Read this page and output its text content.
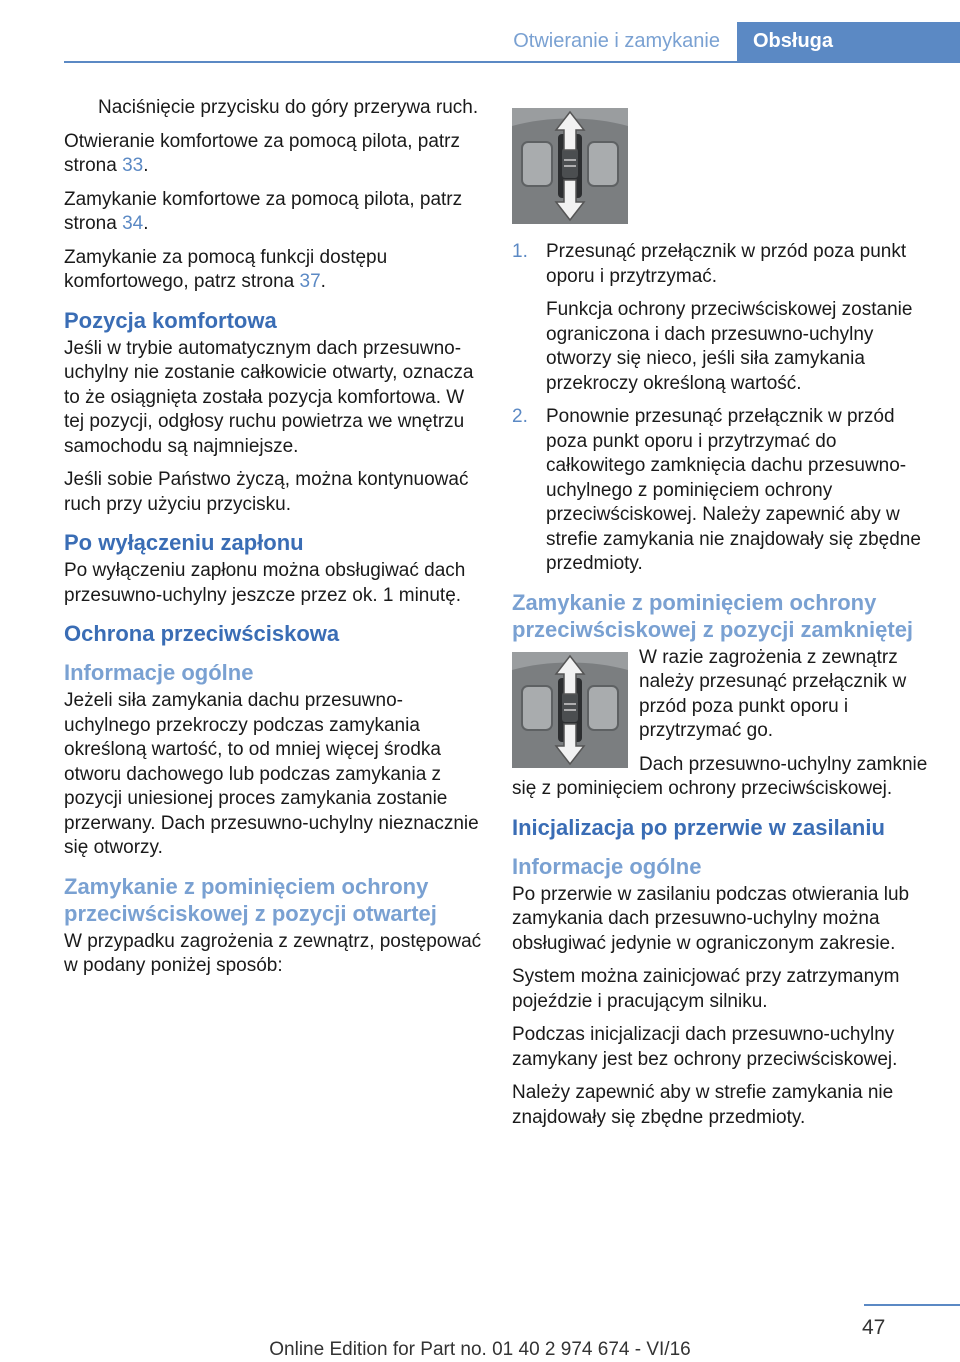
Otwieranie i zamykanie	Obsługa

Naciśnięcie przycisku do góry przerywa ruch.

Otwieranie komfortowe za pomocą pilota, patrz strona 33.

Zamykanie komfortowe za pomocą pilota, patrz strona 34.

Zamykanie za pomocą funkcji dostępu komfortowego, patrz strona 37.

Pozycja komfortowa

Jeśli w trybie automatycznym dach przesuwno-uchylny nie zostanie całkowicie otwarty, oznacza to że osiągnięta została pozycja komfortowa. W tej pozycji, odgłosy ruchu powietrza we wnętrzu samochodu są najmniejsze.

Jeśli sobie Państwo życzą, można kontynuować ruch przy użyciu przycisku.

Po wyłączeniu zapłonu

Po wyłączeniu zapłonu można obsługiwać dach przesuwno-uchylny jeszcze przez ok. 1 minutę.

Ochrona przeciwściskowa
Informacje ogólne

Jeżeli siła zamykania dachu przesuwno-uchylnego przekroczy podczas zamykania określoną wartość, to od mniej więcej środka otworu dachowego lub podczas zamykania z pozycji uniesionej proces zamykania zostanie przerwany. Dach przesuwno-uchylny nieznacznie się otworzy.

Zamykanie z pominięciem ochrony przeciwściskowej z pozycji otwartej

W przypadku zagrożenia z zewnątrz, postępować w podany poniżej sposób:

1. Przesunąć przełącznik w przód poza punkt oporu i przytrzymać.
Funkcja ochrony przeciwściskowej zostanie ograniczona i dach przesuwno-uchylny otworzy się nieco, jeśli siła zamykania przekroczy określoną wartość.
2. Ponownie przesunąć przełącznik w przód poza punkt oporu i przytrzymać do całkowitego zamknięcia dachu przesuwno-uchylnego z pominięciem ochrony przeciwściskowej. Należy zapewnić aby w strefie zamykania nie znajdowały się zbędne przedmioty.
Zamykanie z pominięciem ochrony przeciwściskowej z pozycji zamkniętej

W razie zagrożenia z zewnątrz należy przesunąć przełącznik w przód poza punkt oporu i przytrzymać go.

Dach przesuwno-uchylny zamknie się z pominięciem ochrony przeciwściskowej.

Inicjalizacja po przerwie w zasilaniu
Informacje ogólne

Po przerwie w zasilaniu podczas otwierania lub zamykania dach przesuwno-uchylny można obsługiwać jedynie w ograniczonym zakresie.

System można zainicjować przy zatrzymanym pojeździe i pracującym silniku.

Podczas inicjalizacji dach przesuwno-uchylny zamykany jest bez ochrony przeciwściskowej.

Należy zapewnić aby w strefie zamykania nie znajdowały się zbędne przedmioty.

47
Online Edition for Part no. 01 40 2 974 674 - VI/16
